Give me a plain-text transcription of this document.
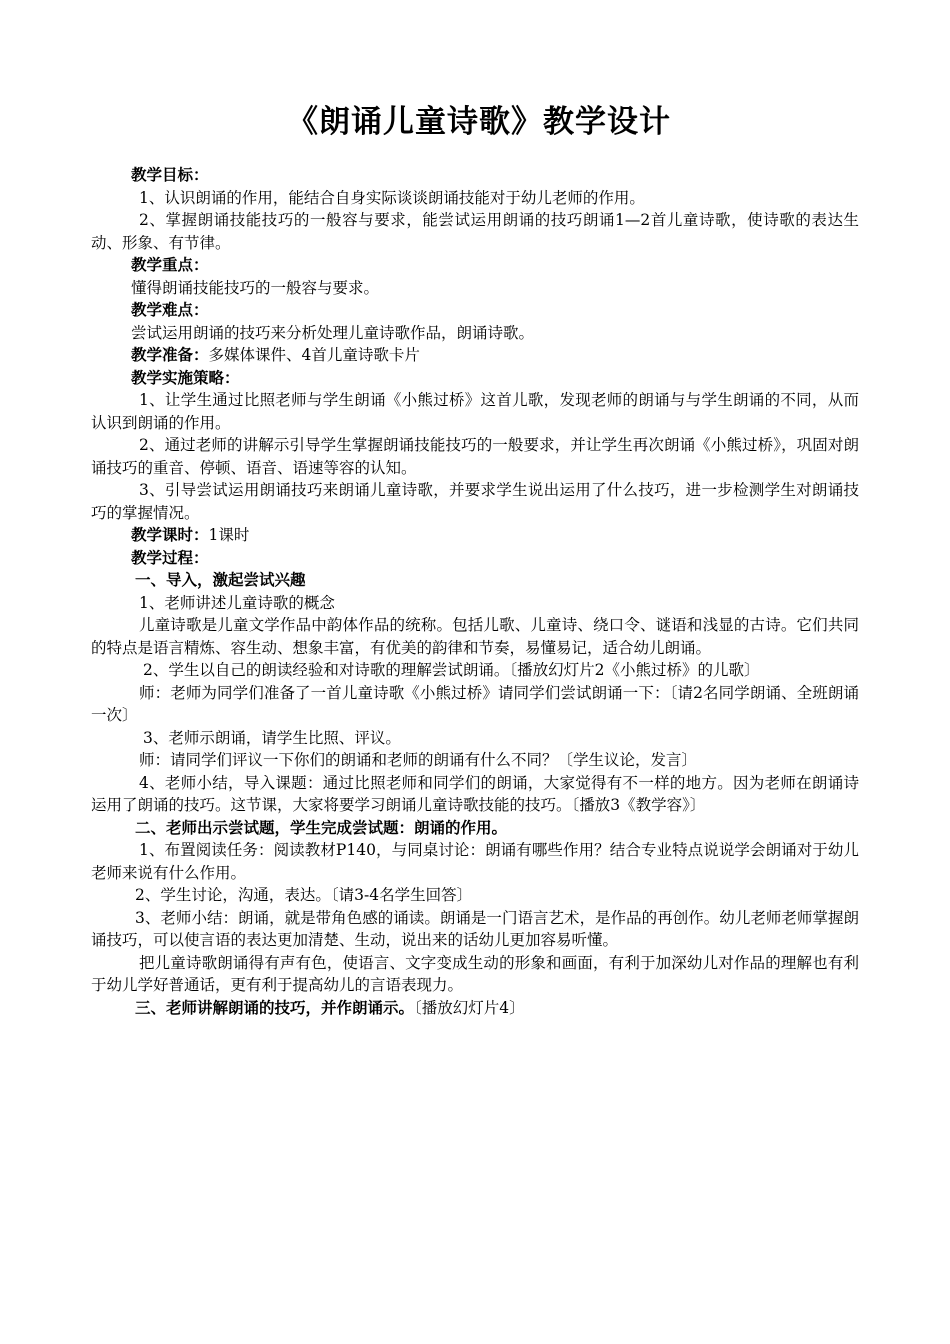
《朗诵儿童诗歌》教学设计

教学目标：

1、认识朗诵的作用，能结合自身实际谈谈朗诵技能对于幼儿老师的作用。

2、掌握朗诵技能技巧的一般容与要求，能尝试运用朗诵的技巧朗诵1—2首儿童诗歌，使诗歌的表达生动、形象、有节律。

教学重点：

懂得朗诵技能技巧的一般容与要求。

教学难点：

尝试运用朗诵的技巧来分析处理儿童诗歌作品，朗诵诗歌。

教学准备：多媒体课件、4首儿童诗歌卡片

教学实施策略：

1、让学生通过比照老师与学生朗诵《小熊过桥》这首儿歌，发现老师的朗诵与与学生朗诵的不同，从而认识到朗诵的作用。

2、通过老师的讲解示引导学生掌握朗诵技能技巧的一般要求，并让学生再次朗诵《小熊过桥》，巩固对朗诵技巧的重音、停顿、语音、语速等容的认知。

3、引导尝试运用朗诵技巧来朗诵儿童诗歌，并要求学生说出运用了什么技巧，进一步检测学生对朗诵技巧的掌握情况。

教学课时：1课时

教学过程：

一、导入，激起尝试兴趣

1、老师讲述儿童诗歌的概念

儿童诗歌是儿童文学作品中韵体作品的统称。包括儿歌、儿童诗、绕口令、谜语和浅显的古诗。它们共同的特点是语言精炼、容生动、想象丰富，有优美的韵律和节奏，易懂易记，适合幼儿朗诵。

2、学生以自己的朗读经验和对诗歌的理解尝试朗诵。〔播放幻灯片2《小熊过桥》的儿歌〕

师：老师为同学们准备了一首儿童诗歌《小熊过桥》请同学们尝试朗诵一下：〔请2名同学朗诵、全班朗诵一次〕

3、老师示朗诵，请学生比照、评议。

师：请同学们评议一下你们的朗诵和老师的朗诵有什么不同？〔学生议论，发言〕

4、老师小结，导入课题：通过比照老师和同学们的朗诵，大家觉得有不一样的地方。因为老师在朗诵诗运用了朗诵的技巧。这节课，大家将要学习朗诵儿童诗歌技能的技巧。〔播放3《教学容》〕

二、老师出示尝试题，学生完成尝试题：朗诵的作用。

1、布置阅读任务：阅读教材P140，与同桌讨论：朗诵有哪些作用？结合专业特点说说学会朗诵对于幼儿老师来说有什么作用。

2、学生讨论，沟通，表达。〔请3-4名学生回答〕

3、老师小结：朗诵，就是带角色感的诵读。朗诵是一门语言艺术，是作品的再创作。幼儿老师老师掌握朗诵技巧，可以使言语的表达更加清楚、生动，说出来的话幼儿更加容易听懂。

把儿童诗歌朗诵得有声有色，使语言、文字变成生动的形象和画面，有利于加深幼儿对作品的理解也有利于幼儿学好普通话，更有利于提高幼儿的言语表现力。

三、老师讲解朗诵的技巧，并作朗诵示。〔播放幻灯片4〕
